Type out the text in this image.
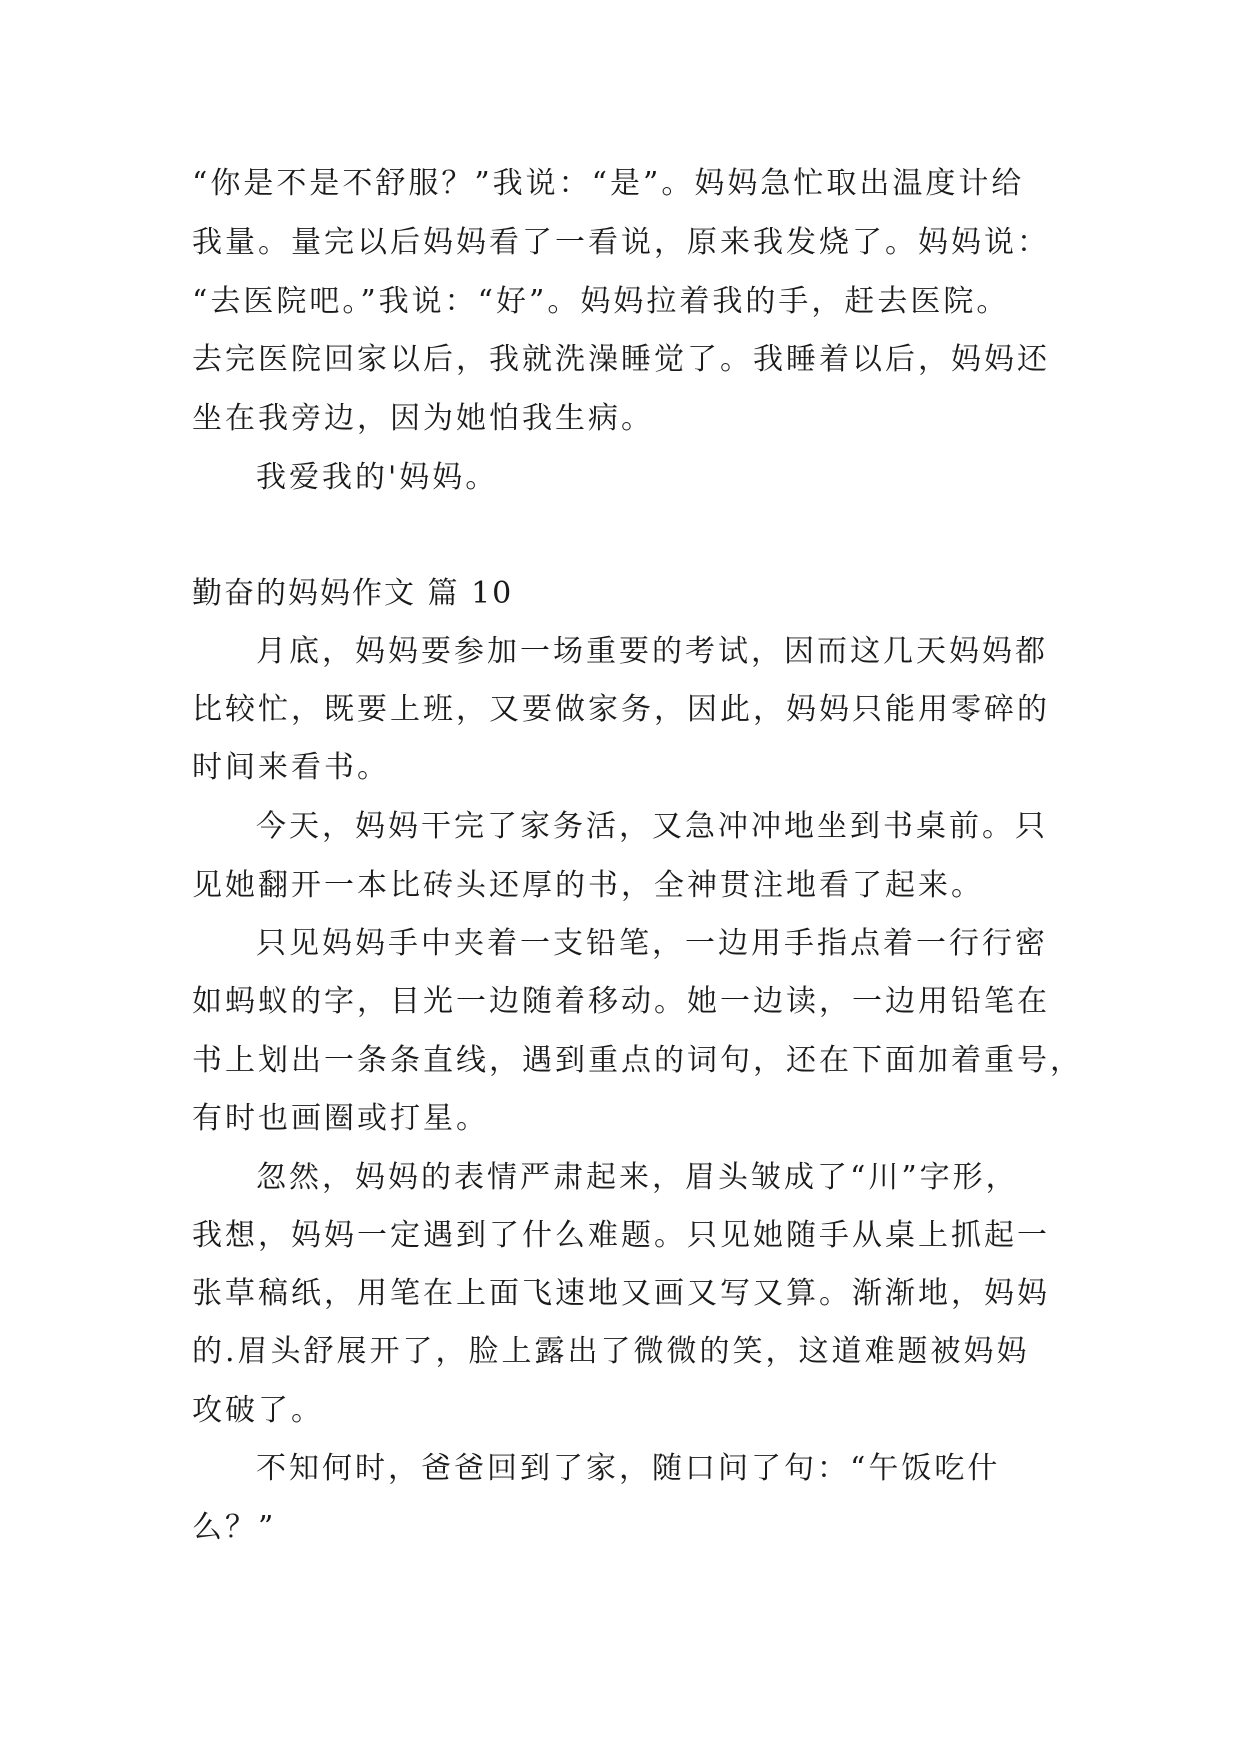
“你是不是不舒服？”我说：“是”。妈妈急忙取出温度计给
我量。量完以后妈妈看了一看说，原来我发烧了。妈妈说：
“去医院吧。”我说：“好”。妈妈拉着我的手，赶去医院。
去完医院回家以后，我就洗澡睡觉了。我睡着以后，妈妈还
坐在我旁边，因为她怕我生病。
我爱我的'妈妈。
勤奋的妈妈作文 篇 10
月底，妈妈要参加一场重要的考试，因而这几天妈妈都
比较忙，既要上班，又要做家务，因此，妈妈只能用零碎的
时间来看书。
今天，妈妈干完了家务活，又急冲冲地坐到书桌前。只
见她翻开一本比砖头还厚的书，全神贯注地看了起来。
只见妈妈手中夹着一支铅笔，一边用手指点着一行行密
如蚂蚁的字，目光一边随着移动。她一边读，一边用铅笔在
书上划出一条条直线，遇到重点的词句，还在下面加着重号，
有时也画圈或打星。
忽然，妈妈的表情严肃起来，眉头皱成了“川”字形，
我想，妈妈一定遇到了什么难题。只见她随手从桌上抓起一
张草稿纸，用笔在上面飞速地又画又写又算。渐渐地，妈妈
的.眉头舒展开了，脸上露出了微微的笑，这道难题被妈妈
攻破了。
不知何时，爸爸回到了家，随口问了句：“午饭吃什
么？”
